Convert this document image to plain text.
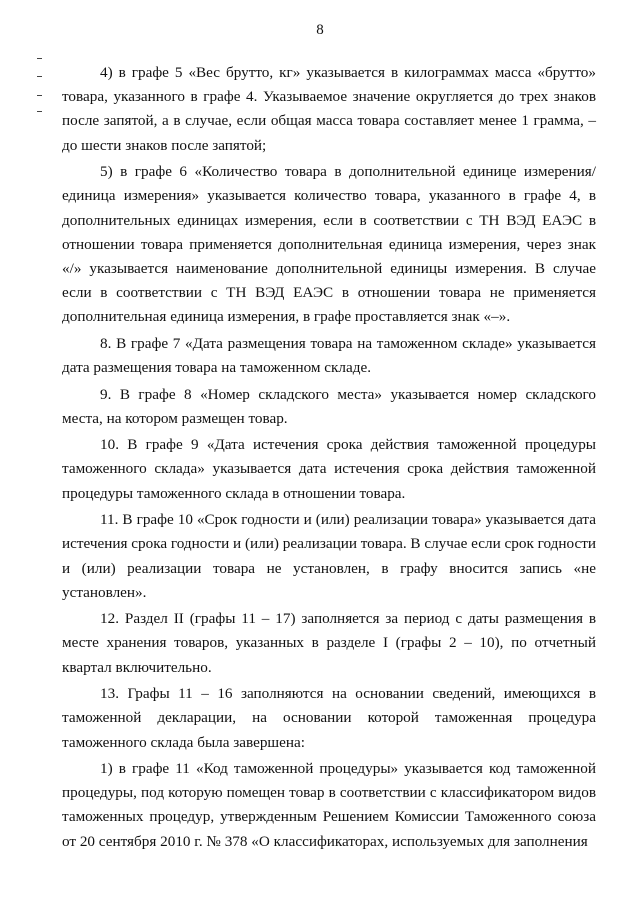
8

4) в графе 5 «Вес брутто, кг» указывается в килограммах масса «брутто» товара, указанного в графе 4. Указываемое значение округляется до трех знаков после запятой, а в случае, если общая масса товара составляет менее 1 грамма, – до шести знаков после запятой;

5) в графе 6 «Количество товара в дополнительной единице измерения/единица измерения» указывается количество товара, указанного в графе 4, в дополнительных единицах измерения, если в соответствии с ТН ВЭД ЕАЭС в отношении товара применяется дополнительная единица измерения, через знак «/» указывается наименование дополнительной единицы измерения. В случае если в соответствии с ТН ВЭД ЕАЭС в отношении товара не применяется дополнительная единица измерения, в графе проставляется знак «–».

8. В графе 7 «Дата размещения товара на таможенном складе» указывается дата размещения товара на таможенном складе.

9. В графе 8 «Номер складского места» указывается номер складского места, на котором размещен товар.

10. В графе 9 «Дата истечения срока действия таможенной процедуры таможенного склада» указывается дата истечения срока действия таможенной процедуры таможенного склада в отношении товара.

11. В графе 10 «Срок годности и (или) реализации товара» указывается дата истечения срока годности и (или) реализации товара. В случае если срок годности и (или) реализации товара не установлен, в графу вносится запись «не установлен».

12. Раздел II (графы 11 – 17) заполняется за период с даты размещения в месте хранения товаров, указанных в разделе I (графы 2 – 10), по отчетный квартал включительно.

13. Графы 11 – 16 заполняются на основании сведений, имеющихся в таможенной декларации, на основании которой таможенная процедура таможенного склада была завершена:

1) в графе 11 «Код таможенной процедуры» указывается код таможенной процедуры, под которую помещен товар в соответствии с классификатором видов таможенных процедур, утвержденным Решением Комиссии Таможенного союза от 20 сентября 2010 г. № 378 «О классификаторах, используемых для заполнения
